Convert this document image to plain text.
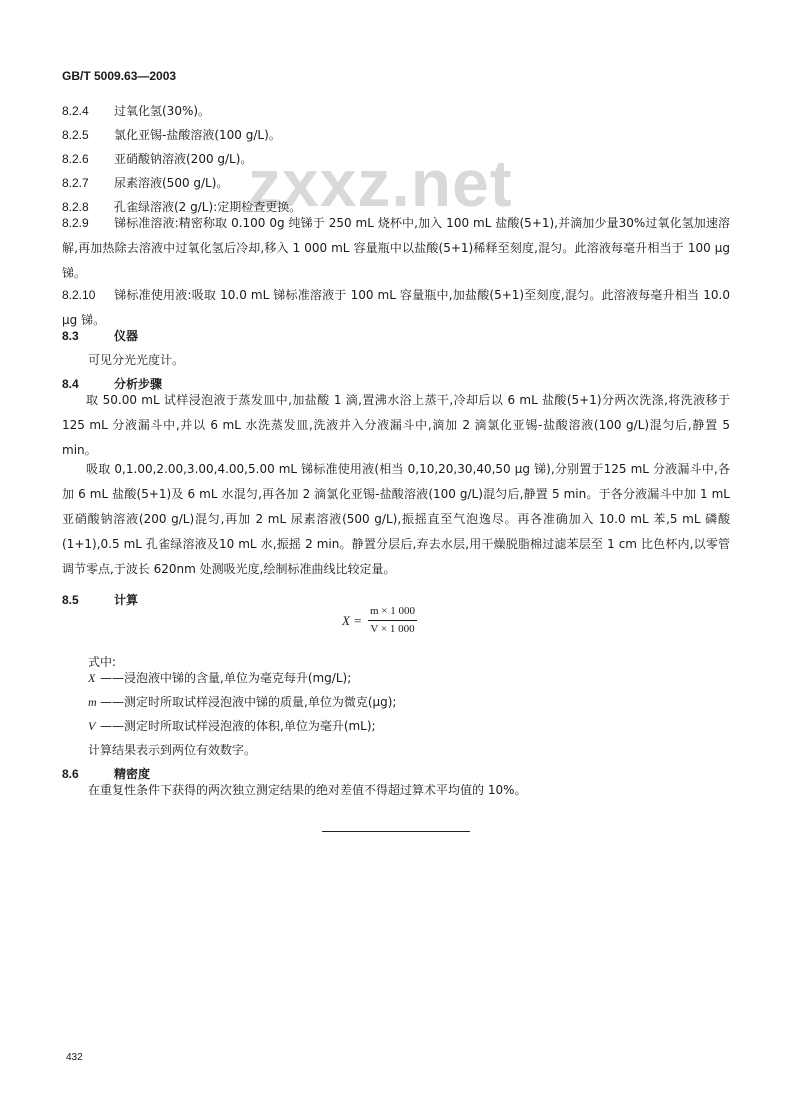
GB/T 5009.63—2003
zxxz.net
8.2.4 过氧化氢(30%)。
8.2.5 氯化亚锡-盐酸溶液(100 g/L)。
8.2.6 亚硝酸钠溶液(200 g/L)。
8.2.7 尿素溶液(500 g/L)。
8.2.8 孔雀绿溶液(2 g/L):定期检查更换。
8.2.9 锑标准溶液:精密称取 0.100 0g 纯锑于 250 mL 烧杯中,加入 100 mL 盐酸(5+1),并滴加少量30%过氧化氢加速溶解,再加热除去溶液中过氧化氢后冷却,移入 1 000 mL 容量瓶中以盐酸(5+1)稀释至刻度,混匀。此溶液每毫升相当于 100 μg 锑。
8.2.10 锑标准使用液:吸取 10.0 mL 锑标准溶液于 100 mL 容量瓶中,加盐酸(5+1)至刻度,混匀。此溶液每毫升相当 10.0 μg 锑。
8.3	仪器
可见分光光度计。
8.4	分析步骤
取 50.00 mL 试样浸泡液于蒸发皿中,加盐酸 1 滴,置沸水浴上蒸干,冷却后以 6 mL 盐酸(5+1)分两次洗涤,将洗液移于 125 mL 分液漏斗中,并以 6 mL 水洗蒸发皿,洗液并入分液漏斗中,滴加 2 滴氯化亚锡-盐酸溶液(100 g/L)混匀后,静置 5 min。
吸取 0,1.00,2.00,3.00,4.00,5.00 mL 锑标准使用液(相当 0,10,20,30,40,50 μg 锑),分别置于125 mL 分液漏斗中,各加 6 mL 盐酸(5+1)及 6 mL 水混匀,再各加 2 滴氯化亚锡-盐酸溶液(100 g/L)混匀后,静置 5 min。于各分液漏斗中加 1 mL 亚硝酸钠溶液(200 g/L)混匀,再加 2 mL 尿素溶液(500 g/L),振摇直至气泡逸尽。再各准确加入 10.0 mL 苯,5 mL 磷酸(1+1),0.5 mL 孔雀绿溶液及10 mL 水,振摇 2 min。静置分层后,弃去水层,用干燥脱脂棉过滤苯层至 1 cm 比色杯内,以零管调节零点,于波长 620nm 处测吸光度,绘制标准曲线比较定量。
8.5	计算
$X = \frac{m \times 1 000}{V \times 1 000}$
式中:
X ——浸泡液中锑的含量,单位为毫克每升(mg/L);
m ——测定时所取试样浸泡液中锑的质量,单位为微克(μg);
V ——测定时所取试样浸泡液的体积,单位为毫升(mL);
计算结果表示到两位有效数字。
8.6	精密度
在重复性条件下获得的两次独立测定结果的绝对差值不得超过算术平均值的 10%。
432
